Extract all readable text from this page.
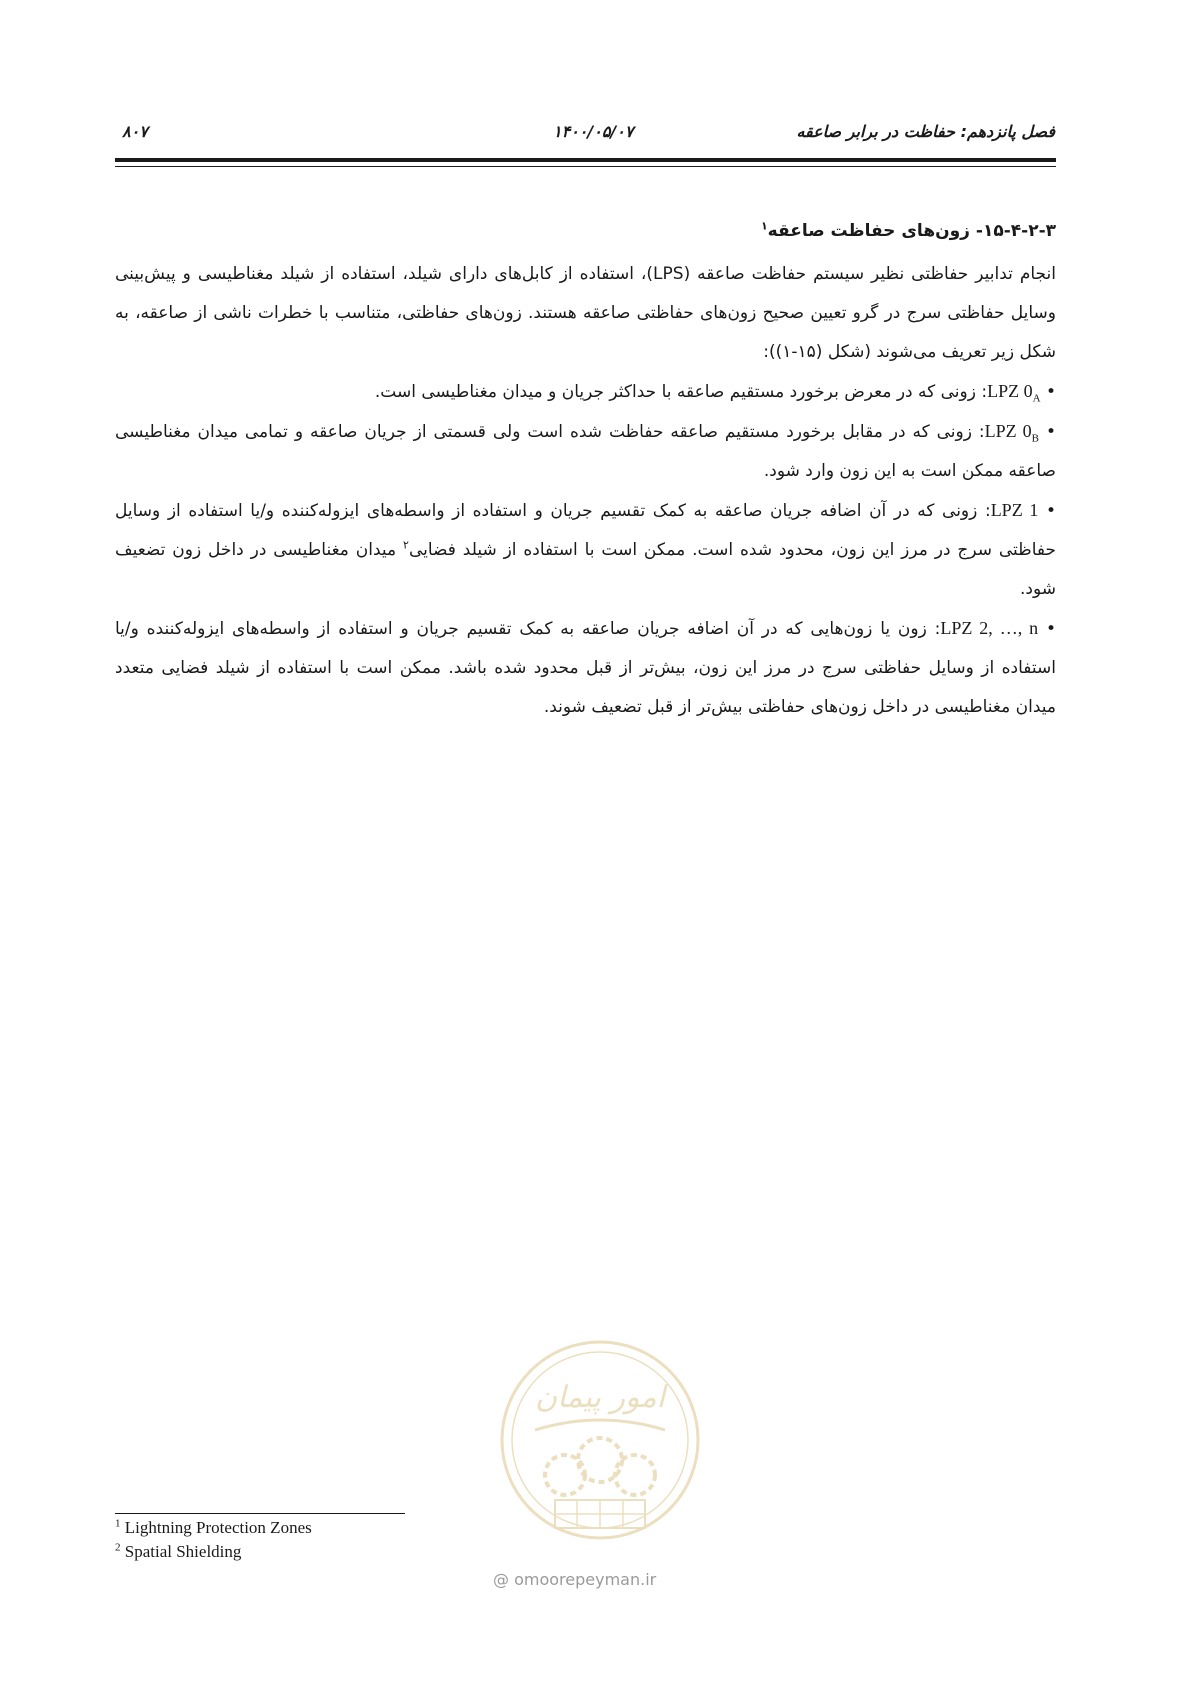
فصل پانزدهم: حفاظت در برابر صاعقه
۱۴۰۰/۰۵/۰۷
۸۰۷

۱۵-۴-۲-۳- زون‌های حفاظت صاعقه$^۱$

انجام تدابیر حفاظتی نظیر سیستم حفاظت صاعقه (LPS)، استفاده از کابل‌های دارای شیلد، استفاده از شیلد مغناطیسی و پیش‌بینی وسایل حفاظتی سرج در گرو تعیین صحیح زون‌های حفاظتی صاعقه هستند. زون‌های حفاظتی، متناسب با خطرات ناشی از صاعقه، به شکل زیر تعریف می‌شوند (شکل (۱۵-۱)):

• LPZ $0_A$: زونی که در معرض برخورد مستقیم صاعقه با حداکثر جریان و میدان مغناطیسی است.

• LPZ $0_B$: زونی که در مقابل برخورد مستقیم صاعقه حفاظت شده است ولی قسمتی از جریان صاعقه و تمامی میدان مغناطیسی صاعقه ممکن است به این زون وارد شود.

• LPZ 1: زونی که در آن اضافه جریان صاعقه به کمک تقسیم جریان و استفاده از واسطه‌های ایزوله‌کننده و/یا استفاده از وسایل حفاظتی سرج در مرز این زون، محدود شده است. ممکن است با استفاده از شیلد فضایی$^۲$ میدان مغناطیسی در داخل زون تضعیف شود.

• LPZ 2, …, n: زون یا زون‌هایی که در آن اضافه جریان صاعقه به کمک تقسیم جریان و استفاده از واسطه‌های ایزوله‌کننده و/یا استفاده از وسایل حفاظتی سرج در مرز این زون، بیش‌تر از قبل محدود شده باشد. ممکن است با استفاده از شیلد فضایی متعدد میدان مغناطیسی در داخل زون‌های حفاظتی بیش‌تر از قبل تضعیف شوند.

امور پیمان
@ omoorepeyman.ir
$^1$ Lightning Protection Zones
$^2$ Spatial Shielding
